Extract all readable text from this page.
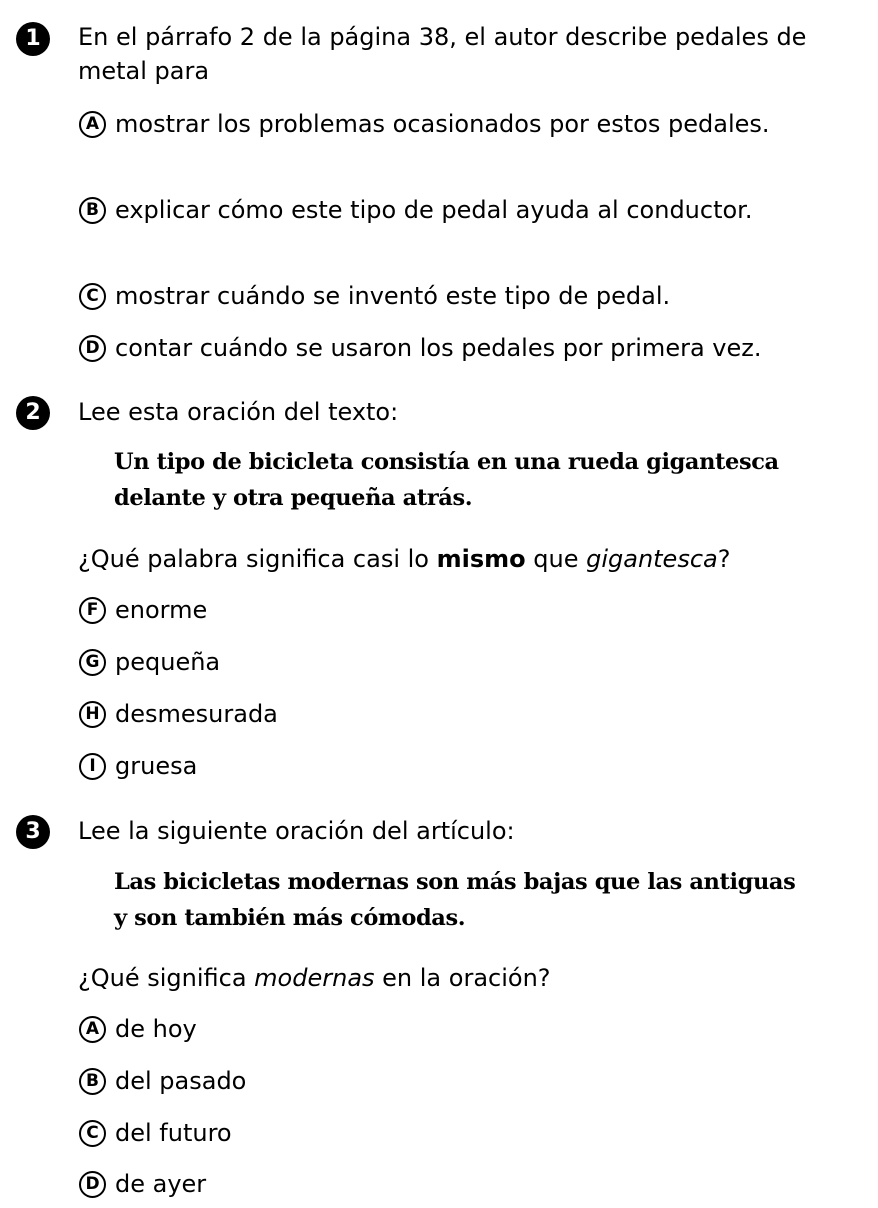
1	En el párrafo 2 de la página 38, el autor describe pedales de metal para

A mostrar los problemas ocasionados por estos pedales.
B explicar cómo este tipo de pedal ayuda al conductor.
C mostrar cuándo se inventó este tipo de pedal.
D contar cuándo se usaron los pedales por primera vez.
2	Lee esta oración del texto:

Un tipo de bicicleta consistía en una rueda gigantesca delante y otra pequeña atrás.
¿Qué palabra significa casi lo mismo que gigantesca?
F enorme
G pequeña
H desmesurada
I gruesa
3	Lee la siguiente oración del artículo:

Las bicicletas modernas son más bajas que las antiguas y son también más cómodas.
¿Qué significa modernas en la oración?
A de hoy
B del pasado
C del futuro
D de ayer
